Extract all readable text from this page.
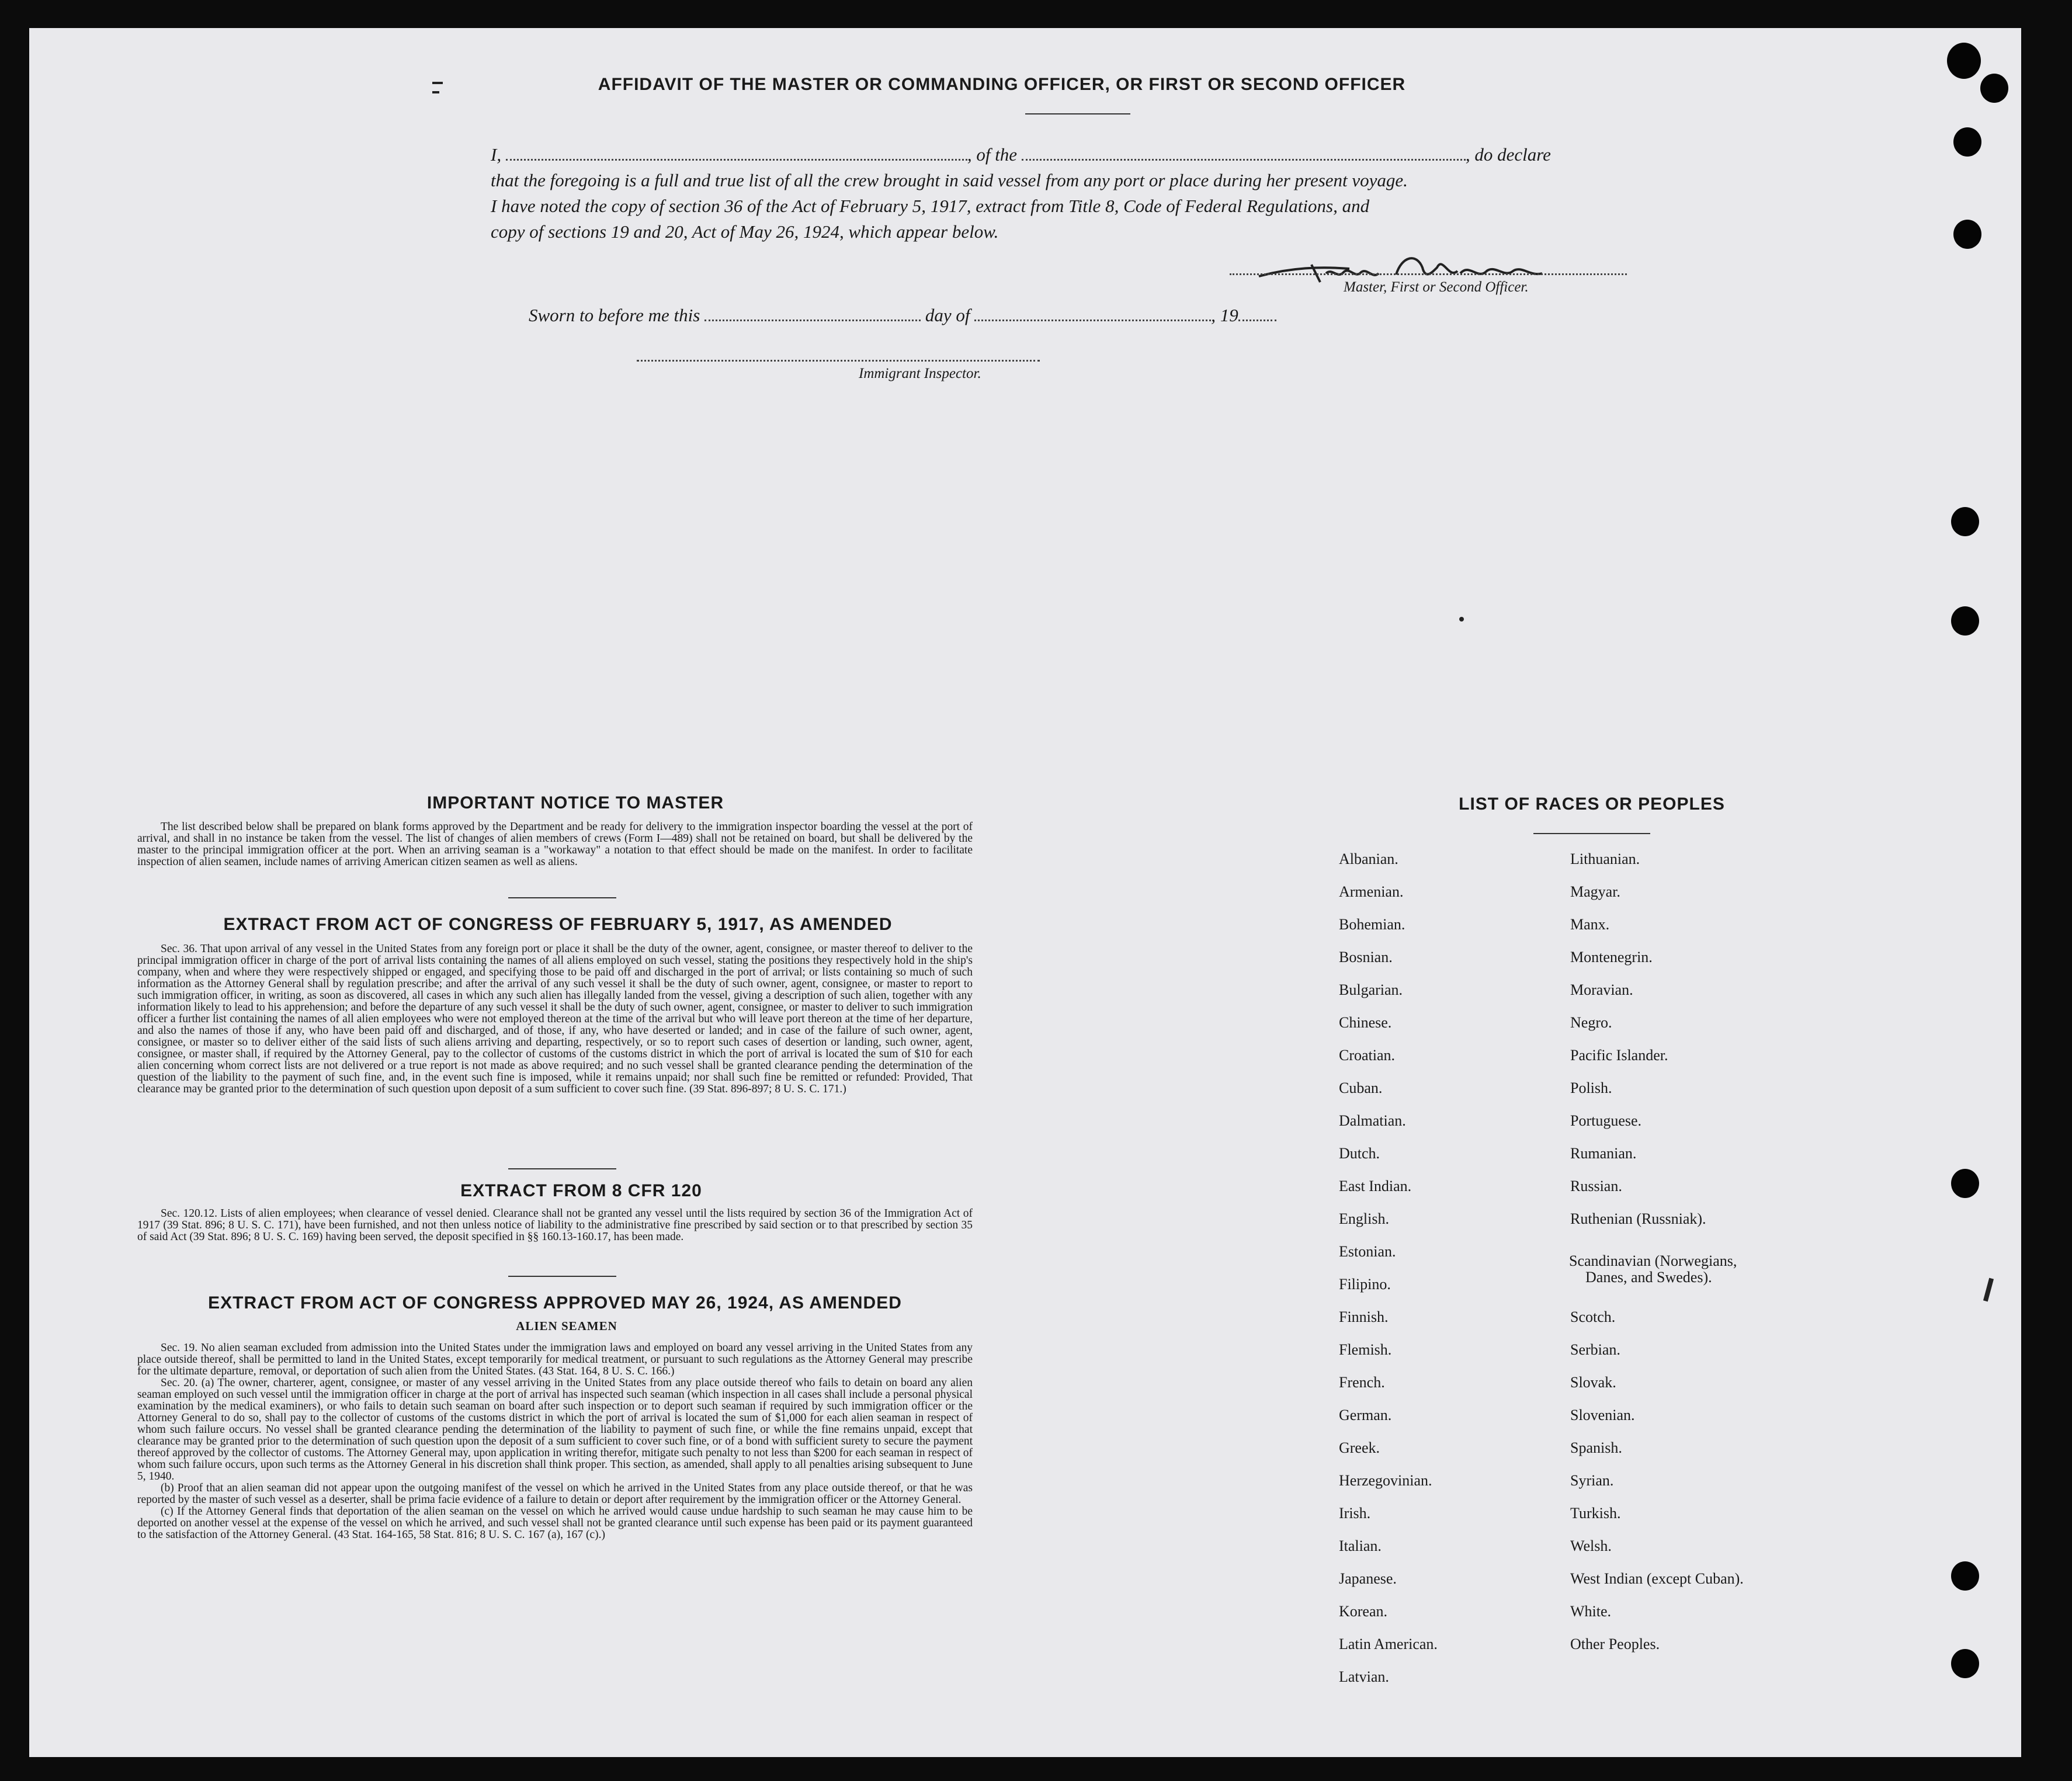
AFFIDAVIT OF THE MASTER OR COMMANDING OFFICER, OR FIRST OR SECOND OFFICER
I,	, of the	, do declare
that the foregoing is a full and true list of all the crew brought in said vessel from any port or place during her present voyage.
I have noted the copy of section 36 of the Act of February 5, 1917, extract from Title 8, Code of Federal Regulations, and
copy of sections 19 and 20, Act of May 26, 1924, which appear below.
Master, First or Second Officer.
Sworn to before me this	day of	, 19
Immigrant Inspector.
IMPORTANT NOTICE TO MASTER

The list described below shall be prepared on blank forms approved by the Department and be ready for delivery to the immigration inspector boarding the vessel at the port of arrival, and shall in no instance be taken from the vessel. The list of changes of alien members of crews (Form I—489) shall not be retained on board, but shall be delivered by the master to the principal immigration officer at the port. When an arriving seaman is a "workaway" a notation to that effect should be made on the manifest. In order to facilitate inspection of alien seamen, include names of arriving American citizen seamen as well as aliens.

EXTRACT FROM ACT OF CONGRESS OF FEBRUARY 5, 1917, AS AMENDED

Sec. 36. That upon arrival of any vessel in the United States from any foreign port or place it shall be the duty of the owner, agent, consignee, or master thereof to deliver to the principal immigration officer in charge of the port of arrival lists containing the names of all aliens employed on such vessel, stating the positions they respectively hold in the ship's company, when and where they were respectively shipped or engaged, and specifying those to be paid off and discharged in the port of arrival; or lists containing so much of such information as the Attorney General shall by regulation prescribe; and after the arrival of any such vessel it shall be the duty of such owner, agent, consignee, or master to report to such immigration officer, in writing, as soon as discovered, all cases in which any such alien has illegally landed from the vessel, giving a description of such alien, together with any information likely to lead to his apprehension; and before the departure of any such vessel it shall be the duty of such owner, agent, consignee, or master to deliver to such immigration officer a further list containing the names of all alien employees who were not employed thereon at the time of the arrival but who will leave port thereon at the time of her departure, and also the names of those if any, who have been paid off and discharged, and of those, if any, who have deserted or landed; and in case of the failure of such owner, agent, consignee, or master so to deliver either of the said lists of such aliens arriving and departing, respectively, or so to report such cases of desertion or landing, such owner, agent, consignee, or master shall, if required by the Attorney General, pay to the collector of customs of the customs district in which the port of arrival is located the sum of $10 for each alien concerning whom correct lists are not delivered or a true report is not made as above required; and no such vessel shall be granted clearance pending the determination of the question of the liability to the payment of such fine, and, in the event such fine is imposed, while it remains unpaid; nor shall such fine be remitted or refunded: Provided, That clearance may be granted prior to the determination of such question upon deposit of a sum sufficient to cover such fine. (39 Stat. 896-897; 8 U. S. C. 171.)

EXTRACT FROM 8 CFR 120

Sec. 120.12. Lists of alien employees; when clearance of vessel denied. Clearance shall not be granted any vessel until the lists required by section 36 of the Immigration Act of 1917 (39 Stat. 896; 8 U. S. C. 171), have been furnished, and not then unless notice of liability to the administrative fine prescribed by said section or to that prescribed by section 35 of said Act (39 Stat. 896; 8 U. S. C. 169) having been served, the deposit specified in §§ 160.13-160.17, has been made.

EXTRACT FROM ACT OF CONGRESS APPROVED MAY 26, 1924, AS AMENDED
ALIEN SEAMEN

Sec. 19. No alien seaman excluded from admission into the United States under the immigration laws and employed on board any vessel arriving in the United States from any place outside thereof, shall be permitted to land in the United States, except temporarily for medical treatment, or pursuant to such regulations as the Attorney General may prescribe for the ultimate departure, removal, or deportation of such alien from the United States. (43 Stat. 164, 8 U. S. C. 166.)

Sec. 20. (a) The owner, charterer, agent, consignee, or master of any vessel arriving in the United States from any place outside thereof who fails to detain on board any alien seaman employed on such vessel until the immigration officer in charge at the port of arrival has inspected such seaman (which inspection in all cases shall include a personal physical examination by the medical examiners), or who fails to detain such seaman on board after such inspection or to deport such seaman if required by such immigration officer or the Attorney General to do so, shall pay to the collector of customs of the customs district in which the port of arrival is located the sum of $1,000 for each alien seaman in respect of whom such failure occurs. No vessel shall be granted clearance pending the determination of the liability to payment of such fine, or while the fine remains unpaid, except that clearance may be granted prior to the determination of such question upon the deposit of a sum sufficient to cover such fine, or of a bond with sufficient surety to secure the payment thereof approved by the collector of customs. The Attorney General may, upon application in writing therefor, mitigate such penalty to not less than $200 for each seaman in respect of whom such failure occurs, upon such terms as the Attorney General in his discretion shall think proper. This section, as amended, shall apply to all penalties arising subsequent to June 5, 1940.

(b) Proof that an alien seaman did not appear upon the outgoing manifest of the vessel on which he arrived in the United States from any place outside thereof, or that he was reported by the master of such vessel as a deserter, shall be prima facie evidence of a failure to detain or deport after requirement by the immigration officer or the Attorney General.

(c) If the Attorney General finds that deportation of the alien seaman on the vessel on which he arrived would cause undue hardship to such seaman he may cause him to be deported on another vessel at the expense of the vessel on which he arrived, and such vessel shall not be granted clearance until such expense has been paid or its payment guaranteed to the satisfaction of the Attorney General. (43 Stat. 164-165, 58 Stat. 816; 8 U. S. C. 167 (a), 167 (c).)

LIST OF RACES OR PEOPLES
Albanian.
Armenian.
Bohemian.
Bosnian.
Bulgarian.
Chinese.
Croatian.
Cuban.
Dalmatian.
Dutch.
East Indian.
English.
Estonian.
Filipino.
Finnish.
Flemish.
French.
German.
Greek.
Herzegovinian.
Irish.
Italian.
Japanese.
Korean.
Latin American.
Latvian.
Lithuanian.
Magyar.
Manx.
Montenegrin.
Moravian.
Negro.
Pacific Islander.
Polish.
Portuguese.
Rumanian.
Russian.
Ruthenian (Russniak).
Scandinavian (Norwegians,
Danes, and Swedes).
Scotch.
Serbian.
Slovak.
Slovenian.
Spanish.
Syrian.
Turkish.
Welsh.
West Indian (except Cuban).
White.
Other Peoples.
